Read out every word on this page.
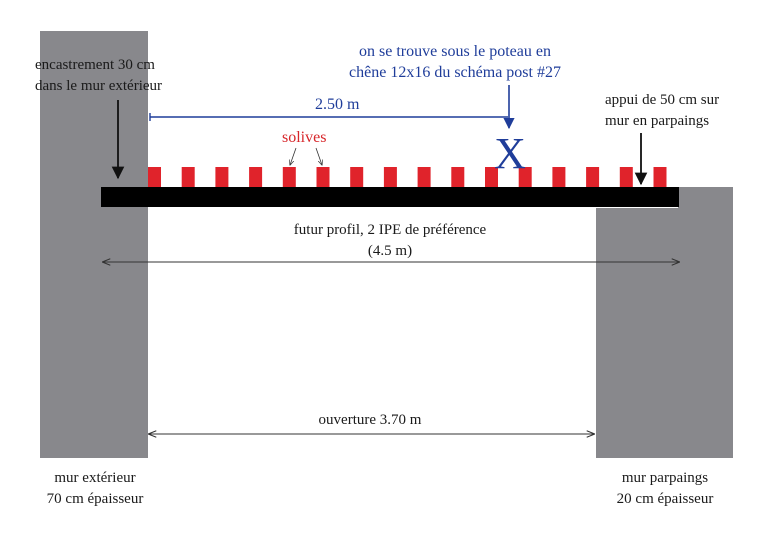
encastrement 30 cm
dans le mur extérieur
on se trouve sous le poteau en
chêne 12x16 du schéma post #27
2.50 m
solives	X
appui de 50 cm sur
mur en parpaings
futur profil, 2 IPE de préférence
(4.5 m)
ouverture 3.70 m
mur extérieur
70 cm épaisseur
mur parpaings
20 cm épaisseur
